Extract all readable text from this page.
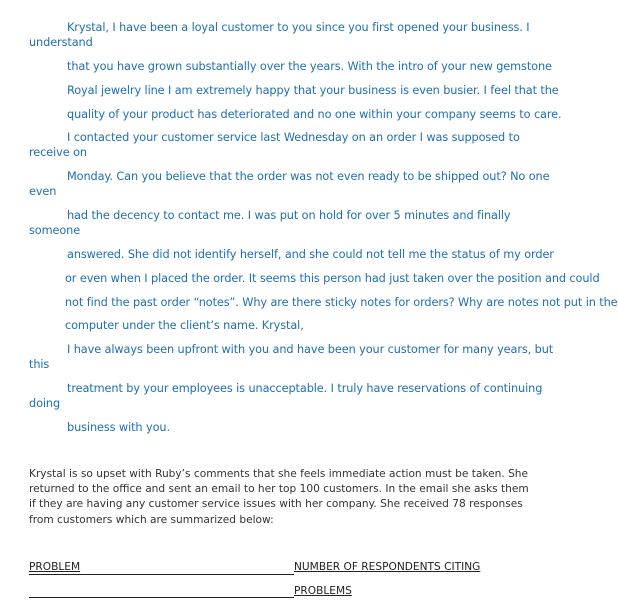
Krystal, I have been a loyal customer to you since you first opened your business. I
understand
that you have grown substantially over the years. With the intro of your new gemstone
Royal jewelry line I am extremely happy that your business is even busier. I feel that the
quality of your product has deteriorated and no one within your company seems to care.
I contacted your customer service last Wednesday on an order I was supposed to
receive on
Monday. Can you believe that the order was not even ready to be shipped out? No one
even
had the decency to contact me. I was put on hold for over 5 minutes and finally
someone
answered. She did not identify herself, and she could not tell me the status of my order
or even when I placed the order. It seems this person had just taken over the position and could
not find the past order “notes”. Why are there sticky notes for orders? Why are notes not put in the
computer under the client’s name. Krystal,
I have always been upfront with you and have been your customer for many years, but
this
treatment by your employees is unacceptable. I truly have reservations of continuing
doing
business with you.
Krystal is so upset with Ruby’s comments that she feels immediate action must be taken. She returned to the office and sent an email to her top 100 customers. In the email she asks them if they are having any customer service issues with her company. She received 78 responses from customers which are summarized below:
PROBLEM	NUMBER OF RESPONDENTS CITING
PROBLEMS
